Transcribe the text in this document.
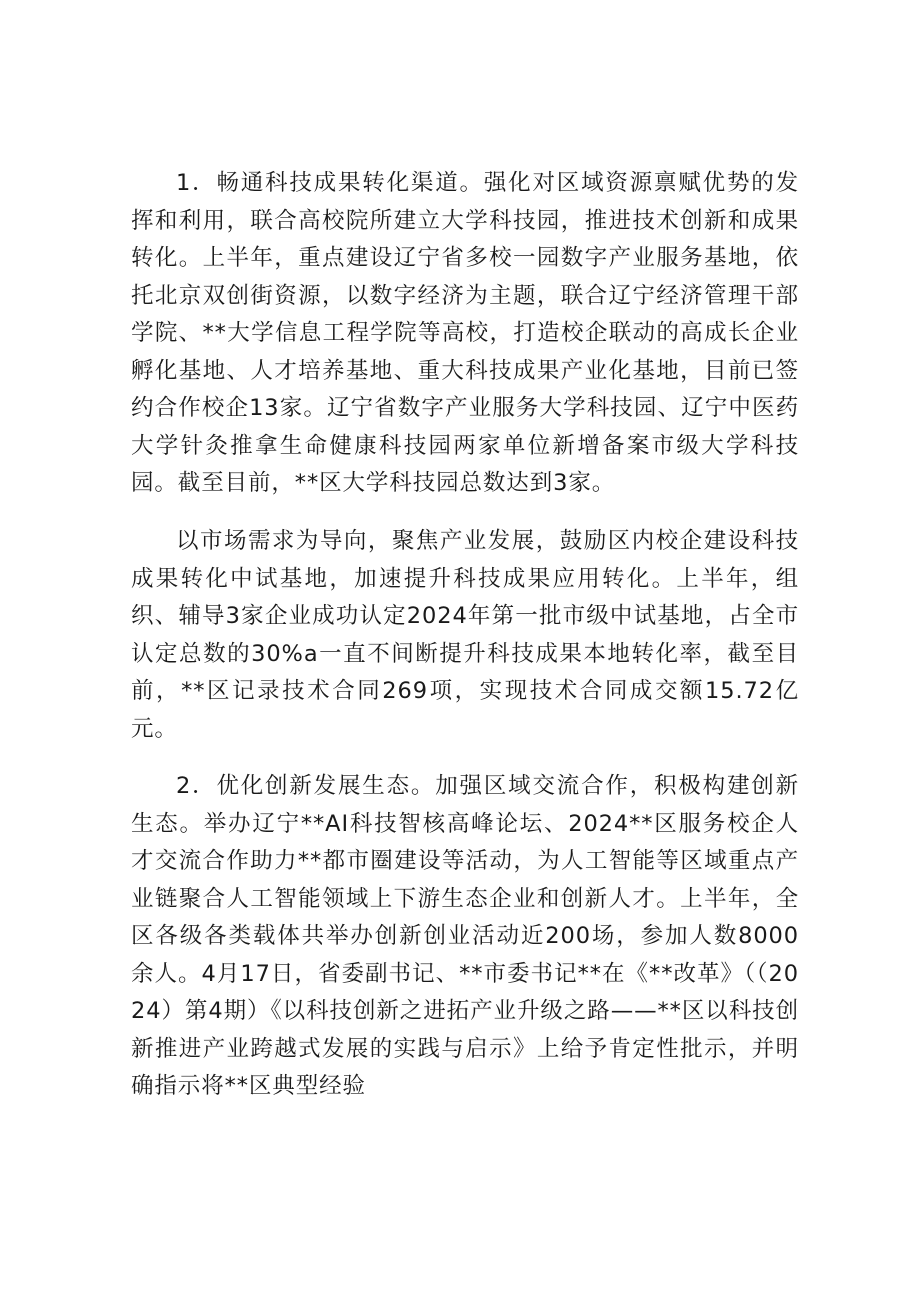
1．畅通科技成果转化渠道。强化对区域资源禀赋优势的发挥和利用，联合高校院所建立大学科技园，推进技术创新和成果转化。上半年，重点建设辽宁省多校一园数字产业服务基地，依托北京双创街资源，以数字经济为主题，联合辽宁经济管理干部学院、**大学信息工程学院等高校，打造校企联动的高成长企业孵化基地、人才培养基地、重大科技成果产业化基地，目前已签约合作校企13家。辽宁省数字产业服务大学科技园、辽宁中医药大学针灸推拿生命健康科技园两家单位新增备案市级大学科技园。截至目前，**区大学科技园总数达到3家。

以市场需求为导向，聚焦产业发展，鼓励区内校企建设科技成果转化中试基地，加速提升科技成果应用转化。上半年，组织、辅导3家企业成功认定2024年第一批市级中试基地，占全市认定总数的30%a一直不间断提升科技成果本地转化率，截至目前，**区记录技术合同269项，实现技术合同成交额15.72亿元。

2．优化创新发展生态。加强区域交流合作，积极构建创新生态。举办辽宁**AI科技智核高峰论坛、2024**区服务校企人才交流合作助力**都市圈建设等活动，为人工智能等区域重点产业链聚合人工智能领域上下游生态企业和创新人才。上半年，全区各级各类载体共举办创新创业活动近200场，参加人数8000余人。4月17日，省委副书记、**市委书记**在《**改革》（（2024）第4期）《以科技创新之进拓产业升级之路——**区以科技创新推进产业跨越式发展的实践与启示》上给予肯定性批示，并明确指示将**区典型经验
